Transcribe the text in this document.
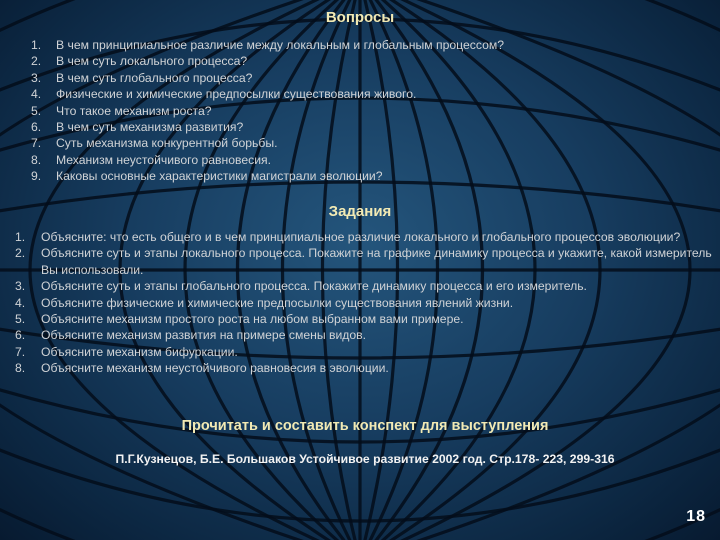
Вопросы
1. В чем принципиальное различие между локальным и глобальным процессом?
2. В чем суть локального процесса?
3. В чем суть глобального процесса?
4. Физические и химические предпосылки существования живого.
5. Что такое механизм роста?
6. В чем суть механизма развития?
7. Суть механизма конкурентной борьбы.
8. Механизм неустойчивого равновесия.
9. Каковы основные характеристики магистрали эволюции?
Задания
1. Объясните: что есть общего и в чем принципиальное различие локального и глобального процессов эволюции?
2. Объясните суть и этапы локального процесса. Покажите на графике динамику процесса и укажите, какой измеритель Вы использовали.
3. Объясните суть и этапы глобального процесса. Покажите динамику процесса и его измеритель.
4. Объясните физические и химические предпосылки существования явлений жизни.
5. Объясните механизм простого роста на любом выбранном вами примере.
6. Объясните механизм развития на примере смены видов.
7. Объясните механизм бифуркации.
8. Объясните механизм неустойчивого равновесия в эволюции.
Прочитать и составить конспект для выступления
П.Г.Кузнецов, Б.Е. Большаков Устойчивое развитие 2002 год. Стр.178- 223, 299-316
18
